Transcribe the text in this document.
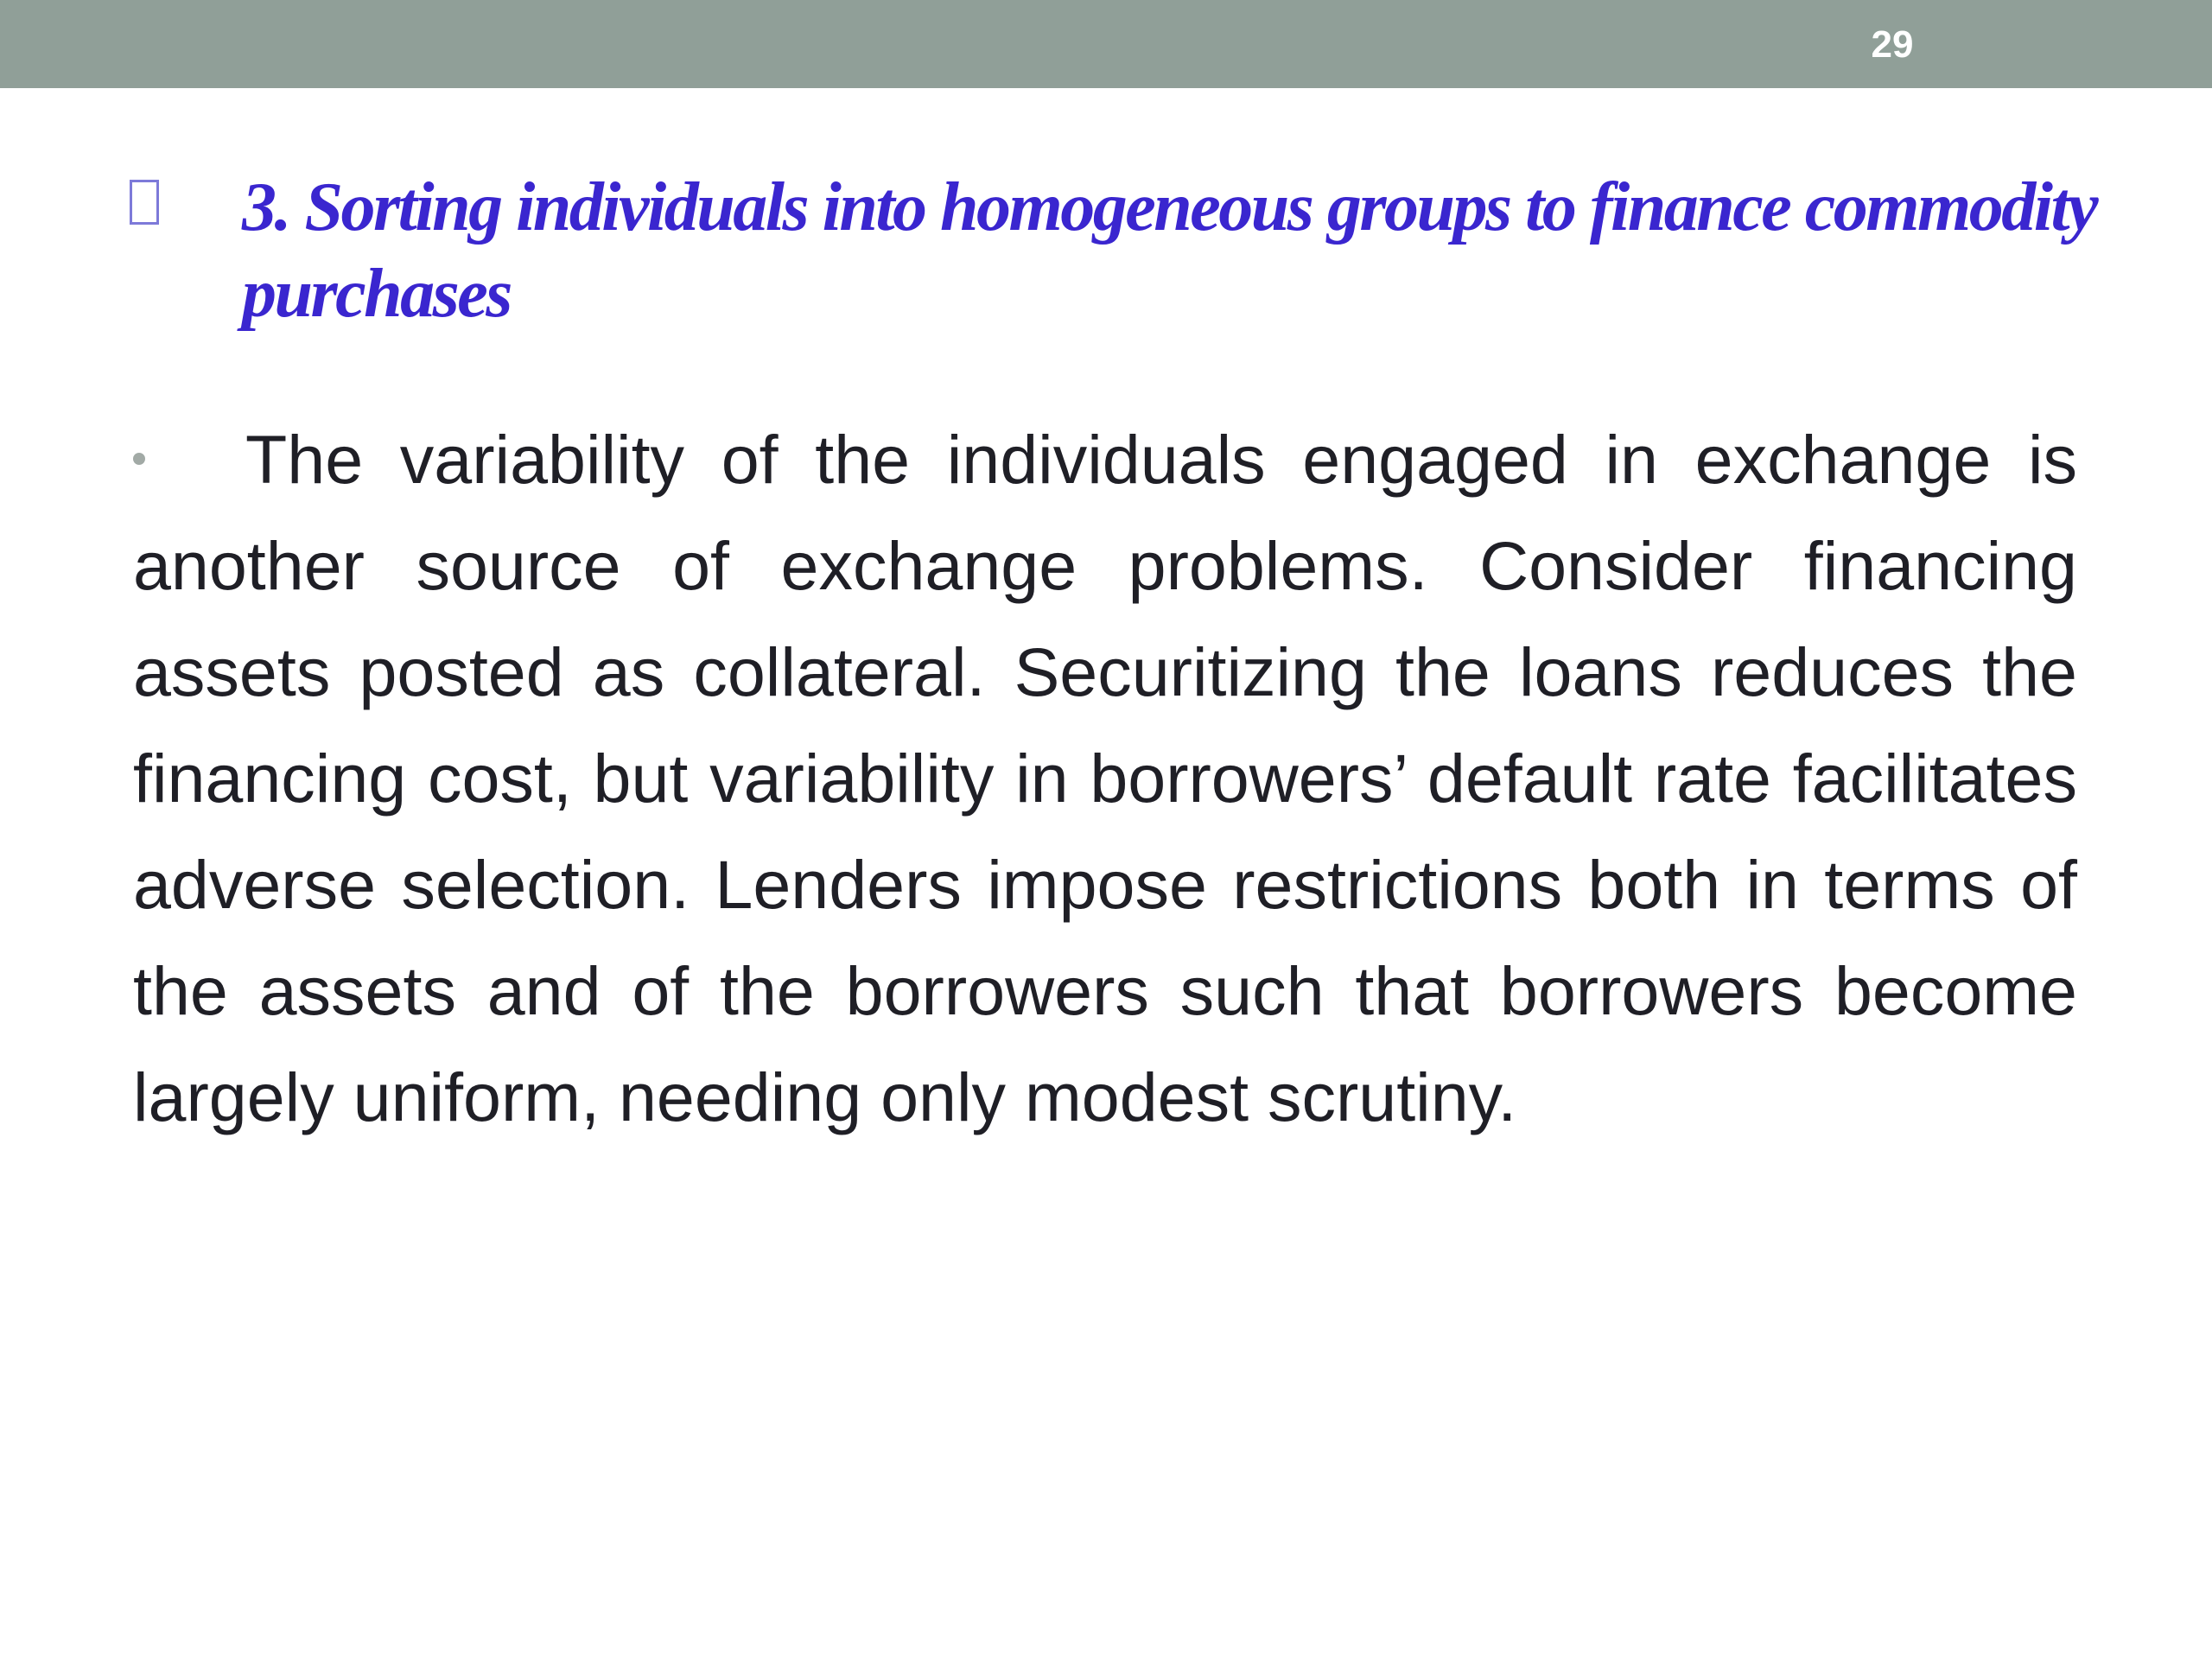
29
3. Sorting individuals into homogeneous groups to finance commodity purchases

The variability of the individuals engaged in exchange is another source of exchange problems. Consider financing assets posted as collateral. Securitizing the loans reduces the financing cost, but variability in borrowers’ default rate facilitates adverse selection. Lenders impose restrictions both in terms of the assets and of the borrowers such that borrowers become largely uniform, needing only modest scrutiny.
